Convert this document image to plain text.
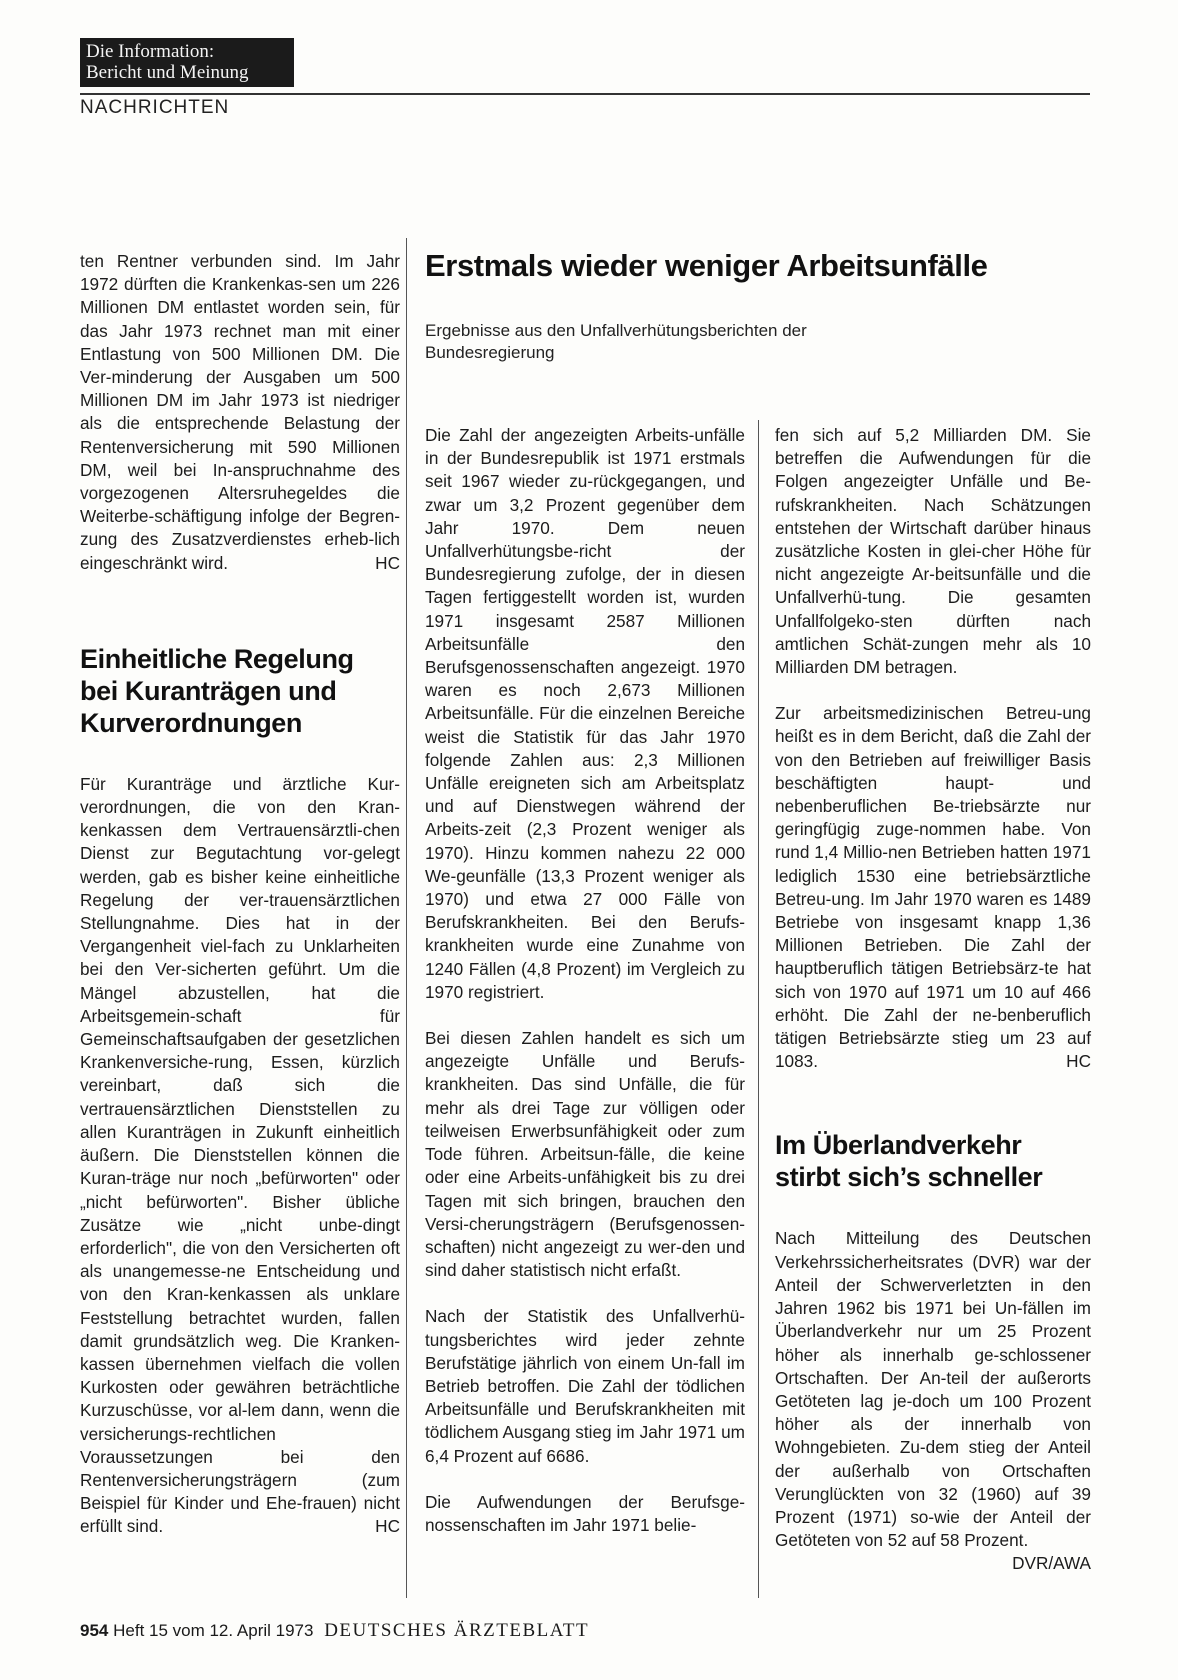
Die Information:
Bericht und Meinung
NACHRICHTEN

ten Rentner verbunden sind. Im Jahr 1972 dürften die Krankenkas-sen um 226 Millionen DM entlastet worden sein, für das Jahr 1973 rechnet man mit einer Entlastung von 500 Millionen DM. Die Ver-minderung der Ausgaben um 500 Millionen DM im Jahr 1973 ist niedriger als die entsprechende Belastung der Rentenversicherung mit 590 Millionen DM, weil bei In-anspruchnahme des vorgezogenen Altersruhegeldes die Weiterbe-schäftigung infolge der Begren-zung des Zusatzverdienstes erheb-lich eingeschränkt wird.	HC

Einheitliche Regelung bei Kuranträgen und Kurverordnungen

Für Kuranträge und ärztliche Kur-verordnungen, die von den Kran-kenkassen dem Vertrauensärztli-chen Dienst zur Begutachtung vor-gelegt werden, gab es bisher keine einheitliche Regelung der ver-trauensärztlichen Stellungnahme. Dies hat in der Vergangenheit viel-fach zu Unklarheiten bei den Ver-sicherten geführt. Um die Mängel abzustellen, hat die Arbeitsgemein-schaft für Gemeinschaftsaufgaben der gesetzlichen Krankenversiche-rung, Essen, kürzlich vereinbart, daß sich die vertrauensärztlichen Dienststellen zu allen Kuranträgen in Zukunft einheitlich äußern. Die Dienststellen können die Kuran-träge nur noch „befürworten" oder „nicht befürworten". Bisher übliche Zusätze wie „nicht unbe-dingt erforderlich", die von den Versicherten oft als unangemesse-ne Entscheidung und von den Kran-kenkassen als unklare Feststellung betrachtet wurden, fallen damit grundsätzlich weg. Die Kranken-kassen übernehmen vielfach die vollen Kurkosten oder gewähren beträchtliche Kurzuschüsse, vor al-lem dann, wenn die versicherungs-rechtlichen Voraussetzungen bei den Rentenversicherungsträgern (zum Beispiel für Kinder und Ehe-frauen) nicht erfüllt sind.	HC

Erstmals wieder weniger Arbeitsunfälle
Ergebnisse aus den Unfallverhütungsberichten der Bundesregierung

Die Zahl der angezeigten Arbeits-unfälle in der Bundesrepublik ist 1971 erstmals seit 1967 wieder zu-rückgegangen, und zwar um 3,2 Prozent gegenüber dem Jahr 1970. Dem neuen Unfallverhütungsbe-richt der Bundesregierung zufolge, der in diesen Tagen fertiggestellt worden ist, wurden 1971 insgesamt 2587 Millionen Arbeitsunfälle den Berufsgenossenschaften angezeigt. 1970 waren es noch 2,673 Millionen Arbeitsunfälle. Für die einzelnen Bereiche weist die Statistik für das Jahr 1970 folgende Zahlen aus: 2,3 Millionen Unfälle ereigneten sich am Arbeitsplatz und auf Dienstwegen während der Arbeits-zeit (2,3 Prozent weniger als 1970). Hinzu kommen nahezu 22 000 We-geunfälle (13,3 Prozent weniger als 1970) und etwa 27 000 Fälle von Berufskrankheiten. Bei den Berufs-krankheiten wurde eine Zunahme von 1240 Fällen (4,8 Prozent) im Vergleich zu 1970 registriert.

Bei diesen Zahlen handelt es sich um angezeigte Unfälle und Berufs-krankheiten. Das sind Unfälle, die für mehr als drei Tage zur völligen oder teilweisen Erwerbsunfähigkeit oder zum Tode führen. Arbeitsun-fälle, die keine oder eine Arbeits-unfähigkeit bis zu drei Tagen mit sich bringen, brauchen den Versi-cherungsträgern (Berufsgenossen-schaften) nicht angezeigt zu wer-den und sind daher statistisch nicht erfaßt.

Nach der Statistik des Unfallverhü-tungsberichtes wird jeder zehnte Berufstätige jährlich von einem Un-fall im Betrieb betroffen. Die Zahl der tödlichen Arbeitsunfälle und Berufskrankheiten mit tödlichem Ausgang stieg im Jahr 1971 um 6,4 Prozent auf 6686.

Die Aufwendungen der Berufsge-nossenschaften im Jahr 1971 belie-

fen sich auf 5,2 Milliarden DM. Sie betreffen die Aufwendungen für die Folgen angezeigter Unfälle und Be-rufskrankheiten. Nach Schätzungen entstehen der Wirtschaft darüber hinaus zusätzliche Kosten in glei-cher Höhe für nicht angezeigte Ar-beitsunfälle und die Unfallverhü-tung. Die gesamten Unfallfolgeko-sten dürften nach amtlichen Schät-zungen mehr als 10 Milliarden DM betragen.

Zur arbeitsmedizinischen Betreu-ung heißt es in dem Bericht, daß die Zahl der von den Betrieben auf freiwilliger Basis beschäftigten haupt- und nebenberuflichen Be-triebsärzte nur geringfügig zuge-nommen habe. Von rund 1,4 Millio-nen Betrieben hatten 1971 lediglich 1530 eine betriebsärztliche Betreu-ung. Im Jahr 1970 waren es 1489 Betriebe von insgesamt knapp 1,36 Millionen Betrieben. Die Zahl der hauptberuflich tätigen Betriebsärz-te hat sich von 1970 auf 1971 um 10 auf 466 erhöht. Die Zahl der ne-benberuflich tätigen Betriebsärzte stieg um 23 auf 1083.	HC

Im Überlandverkehr stirbt sich’s schneller

Nach Mitteilung des Deutschen Verkehrssicherheitsrates (DVR) war der Anteil der Schwerverletzten in den Jahren 1962 bis 1971 bei Un-fällen im Überlandverkehr nur um 25 Prozent höher als innerhalb ge-schlossener Ortschaften. Der An-teil der außerorts Getöteten lag je-doch um 100 Prozent höher als der innerhalb von Wohngebieten. Zu-dem stieg der Anteil der außerhalb von Ortschaften Verunglückten von 32 (1960) auf 39 Prozent (1971) so-wie der Anteil der Getöteten von 52 auf 58 Prozent.
DVR/AWA

954 Heft 15 vom 12. April 1973 DEUTSCHES ÄRZTEBLATT
